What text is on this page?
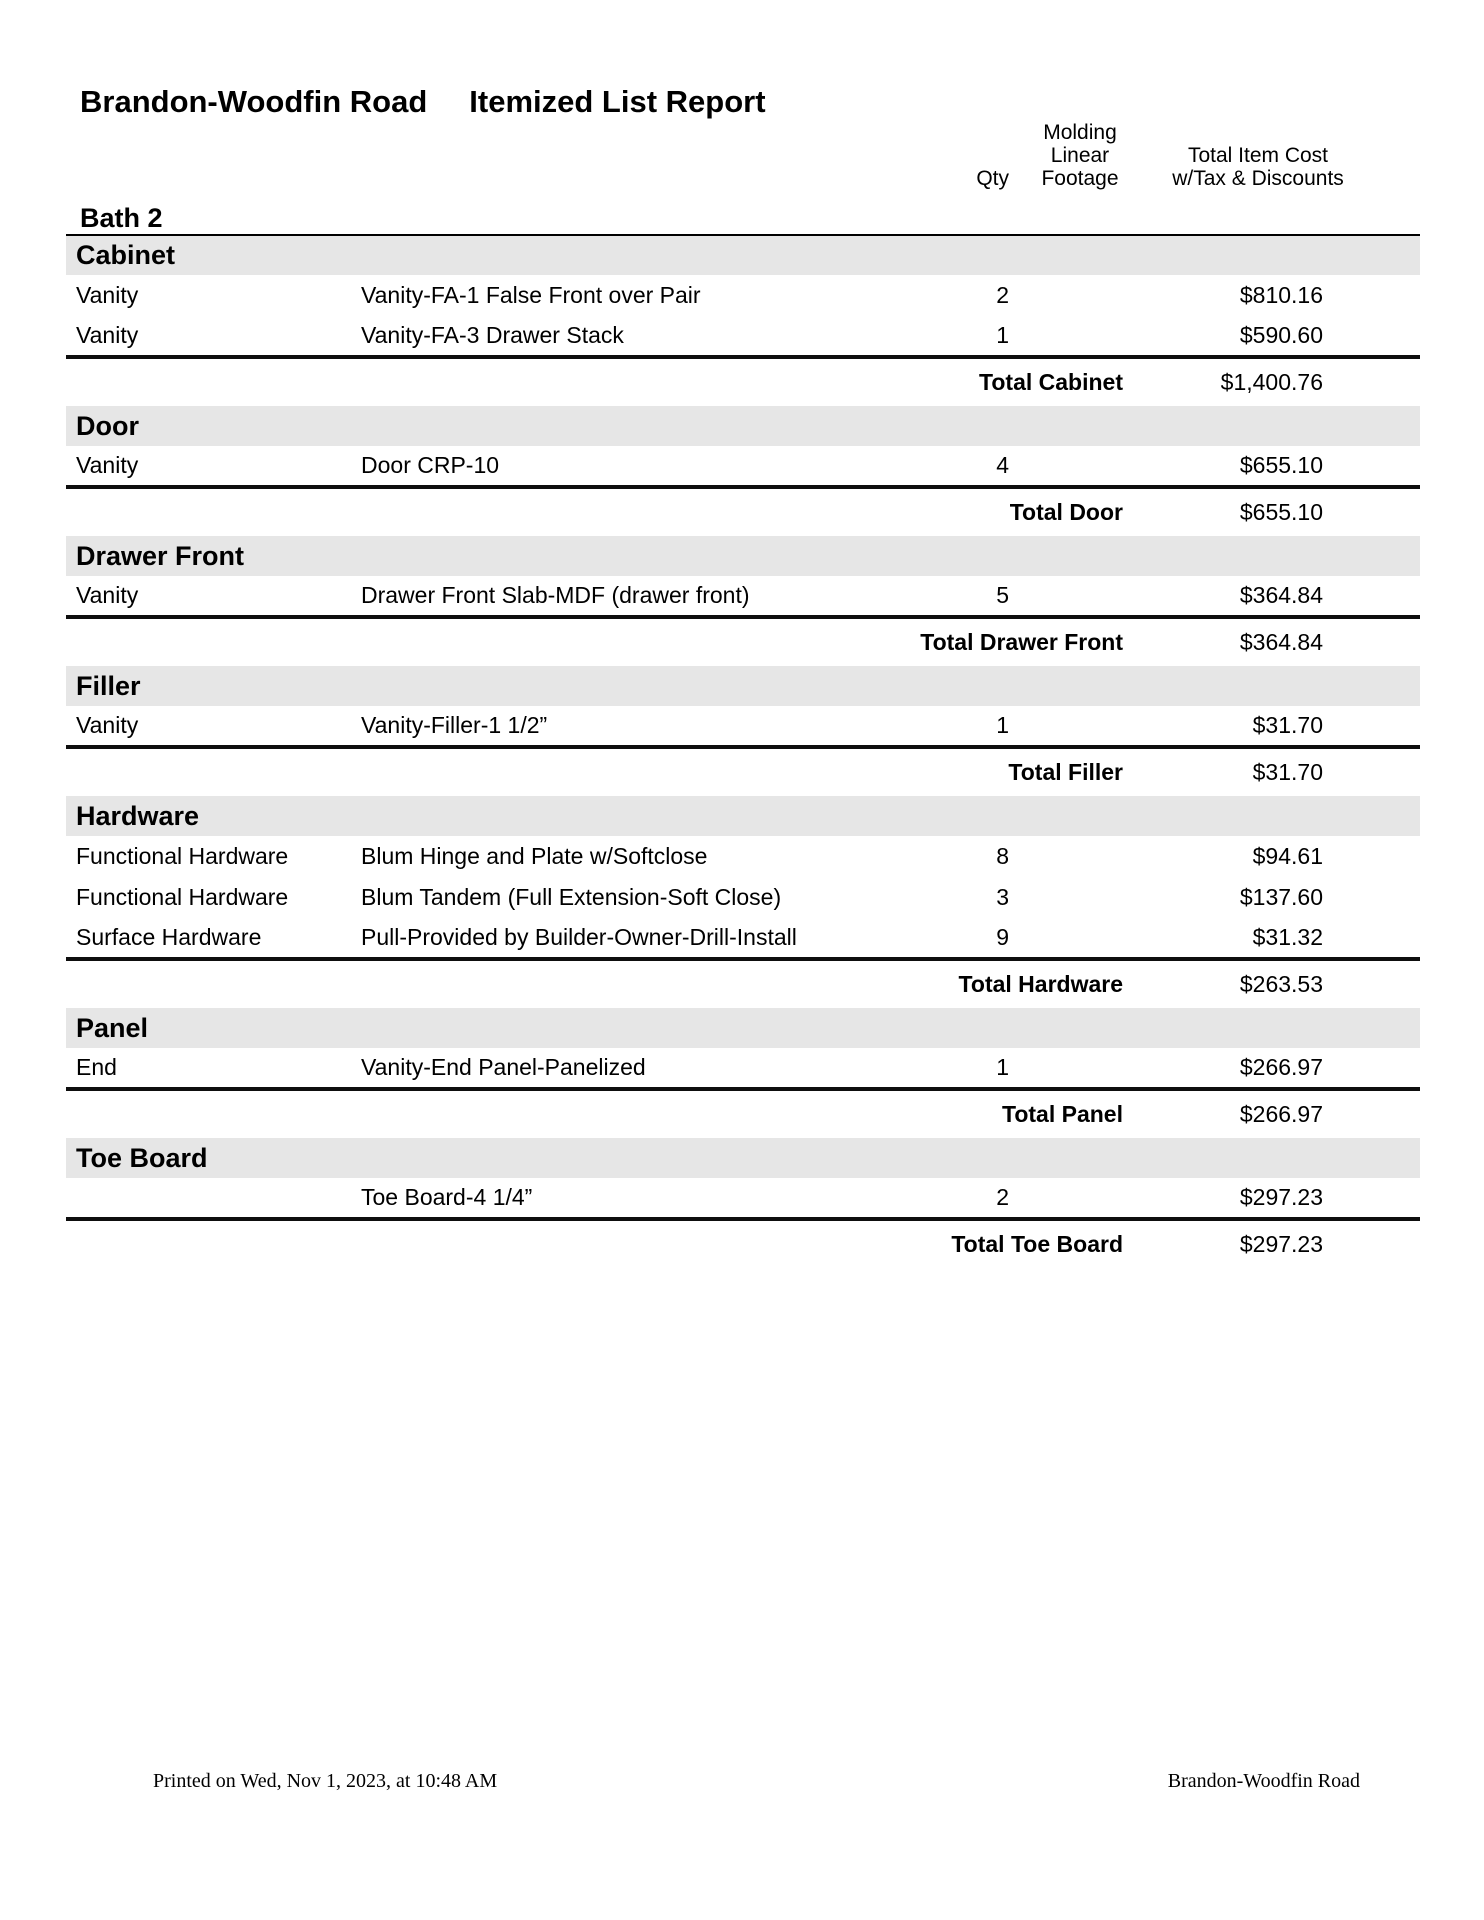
Brandon-Woodfin Road Itemized List Report
Bath 2	Qty	
Molding
Linear
Footage

Total Item Cost
w/Tax & Discounts

Cabinet				
Vanity	Vanity-FA-1 False Front over Pair	2		$810.16
Vanity	Vanity-FA-3 Drawer Stack	1		$590.60
Total Cabinet				$1,400.76
Door				
Vanity	Door CRP-10	4		$655.10
Total Door				$655.10
Drawer Front				
Vanity	Drawer Front Slab-MDF (drawer front)	5		$364.84
Total Drawer Front				$364.84
Filler				
Vanity	Vanity-Filler-1 1/2”	1		$31.70
Total Filler				$31.70
Hardware				
Functional Hardware	Blum Hinge and Plate w/Softclose	8		$94.61
Functional Hardware	Blum Tandem (Full Extension-Soft Close)	3		$137.60
Surface Hardware	Pull-Provided by Builder-Owner-Drill-Install	9		$31.32
Total Hardware				$263.53
Panel				
End	Vanity-End Panel-Panelized	1		$266.97
Total Panel				$266.97
Toe Board				
	Toe Board-4 1/4”	2		$297.23
Total Toe Board				$297.23
Printed on Wed, Nov 1, 2023, at 10:48 AM	Brandon-Woodfin Road
